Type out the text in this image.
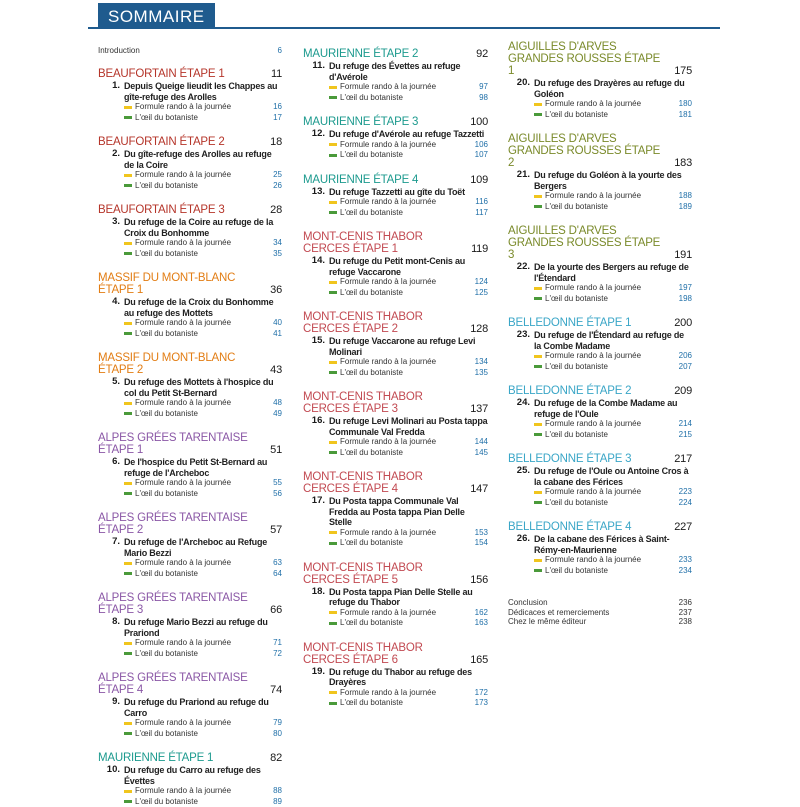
SOMMAIRE
Introduction	6
BEAUFORTAIN ÉTAPE 1	11
1. Depuis Queige lieudit les Chappes au gîte-refuge des Arolles
Formule rando à la journée	16
L'œil du botaniste	17
BEAUFORTAIN ÉTAPE 2	18
2. Du gîte-refuge des Arolles au refuge de la Coire
Formule rando à la journée	25
L'œil du botaniste	26
BEAUFORTAIN ÉTAPE 3	28
3. Du refuge de la Coire au refuge de la Croix du Bonhomme
Formule rando à la journée	34
L'œil du botaniste	35
MASSIF DU MONT-BLANC ÉTAPE 1	36
4. Du refuge de la Croix du Bonhomme au refuge des Mottets
Formule rando à la journée	40
L'œil du botaniste	41
MASSIF DU MONT-BLANC ÉTAPE 2	43
5. Du refuge des Mottets à l'hospice du col du Petit St-Bernard
Formule rando à la journée	48
L'œil du botaniste	49
ALPES GRÉES TARENTAISE ÉTAPE 1	51
6. De l'hospice du Petit St-Bernard au refuge de l'Archeboc
Formule rando à la journée	55
L'œil du botaniste	56
ALPES GRÉES TARENTAISE ÉTAPE 2	57
7. Du refuge de l'Archeboc au Refuge Mario Bezzi
Formule rando à la journée	63
L'œil du botaniste	64
ALPES GRÉES TARENTAISE ÉTAPE 3	66
8. Du refuge Mario Bezzi au refuge du Prariond
Formule rando à la journée	71
L'œil du botaniste	72
ALPES GRÉES TARENTAISE ÉTAPE 4	74
9. Du refuge du Prariond au refuge du Carro
Formule rando à la journée	79
L'œil du botaniste	80
MAURIENNE ÉTAPE 1	82
10. Du refuge du Carro au refuge des Évettes
Formule rando à la journée	88
L'œil du botaniste	89
MAURIENNE ÉTAPE 2	92
11. Du refuge des Évettes au refuge d'Avérole
Formule rando à la journée	97
L'œil du botaniste	98
MAURIENNE ÉTAPE 3	100
12. Du refuge d'Avérole au refuge Tazzetti
Formule rando à la journée	106
L'œil du botaniste	107
MAURIENNE ÉTAPE 4	109
13. Du refuge Tazzetti au gîte du Toët
Formule rando à la journée	116
L'œil du botaniste	117
MONT-CENIS THABOR CERCES ÉTAPE 1	119
14. Du refuge du Petit mont-Cenis au refuge Vaccarone
Formule rando à la journée	124
L'œil du botaniste	125
MONT-CENIS THABOR CERCES ÉTAPE 2	128
15. Du refuge Vaccarone au refuge Levi Molinari
Formule rando à la journée	134
L'œil du botaniste	135
MONT-CENIS THABOR CERCES ÉTAPE 3	137
16. Du refuge Levi Molinari au Posta tappa Communale Val Fredda
Formule rando à la journée	144
L'œil du botaniste	145
MONT-CENIS THABOR CERCES ÉTAPE 4	147
17. Du Posta tappa Communale Val Fredda au Posta tappa Pian Delle Stelle
Formule rando à la journée	153
L'œil du botaniste	154
MONT-CENIS THABOR CERCES ÉTAPE 5	156
18. Du Posta tappa Pian Delle Stelle au refuge du Thabor
Formule rando à la journée	162
L'œil du botaniste	163
MONT-CENIS THABOR CERCES ÉTAPE 6	165
19. Du refuge du Thabor au refuge des Drayères
Formule rando à la journée	172
L'œil du botaniste	173
AIGUILLES D'ARVES GRANDES ROUSSES ÉTAPE 1	175
20. Du refuge des Drayères au refuge du Goléon
Formule rando à la journée	180
L'œil du botaniste	181
AIGUILLES D'ARVES GRANDES ROUSSES ÉTAPE 2	183
21. Du refuge du Goléon à la yourte des Bergers
Formule rando à la journée	188
L'œil du botaniste	189
AIGUILLES D'ARVES GRANDES ROUSSES ÉTAPE 3	191
22. De la yourte des Bergers au refuge de l'Étendard
Formule rando à la journée	197
L'œil du botaniste	198
BELLEDONNE ÉTAPE 1	200
23. Du refuge de l'Étendard au refuge de la Combe Madame
Formule rando à la journée	206
L'œil du botaniste	207
BELLEDONNE ÉTAPE 2	209
24. Du refuge de la Combe Madame au refuge de l'Oule
Formule rando à la journée	214
L'œil du botaniste	215
BELLEDONNE ÉTAPE 3	217
25. Du refuge de l'Oule ou Antoine Cros à la cabane des Férices
Formule rando à la journée	223
L'œil du botaniste	224
BELLEDONNE ÉTAPE 4	227
26. De la cabane des Férices à Saint-Rémy-en-Maurienne
Formule rando à la journée	233
L'œil du botaniste	234
Conclusion	236
Dédicaces et remerciements	237
Chez le même éditeur	238
